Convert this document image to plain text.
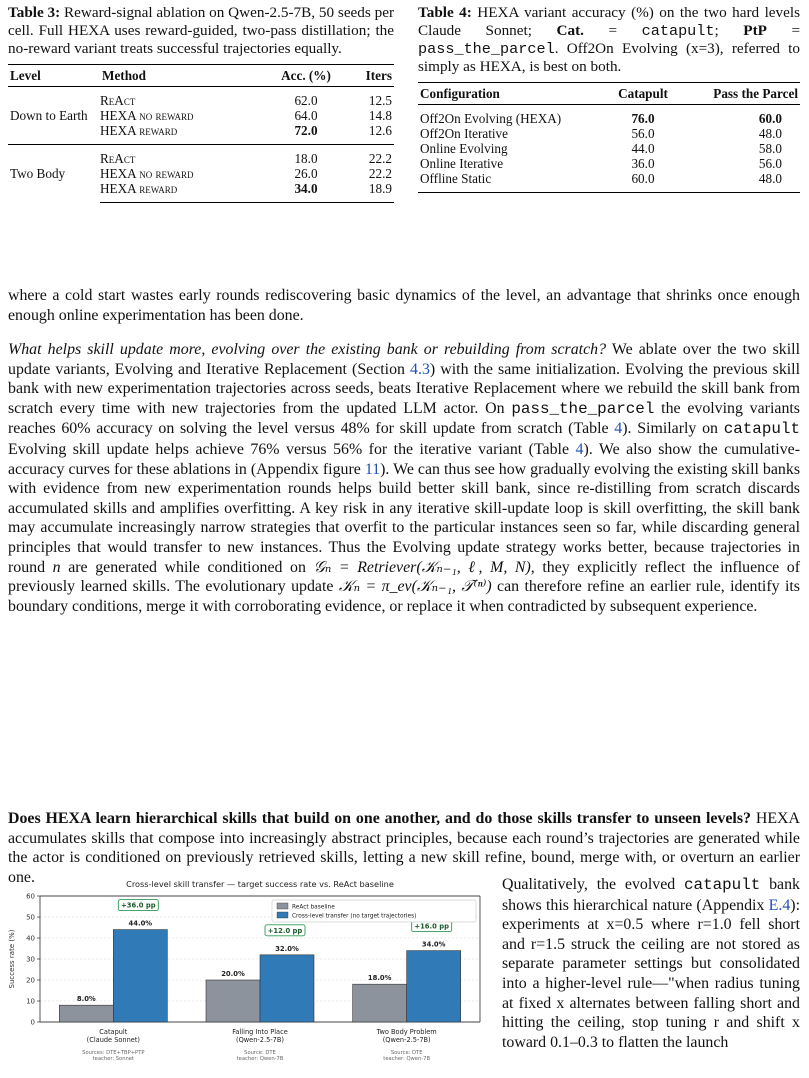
Table 3: Reward-signal ablation on Qwen-2.5-7B, 50 seeds per cell. Full HEXA uses reward-guided, two-pass distillation; the no-reward variant treats successful trajectories equally.

Level	Method	Acc. (%)	Iters
Down to Earth	ReAct	62.0	12.5
	HEXA no reward	64.0	14.8
	HEXA reward	72.0	12.6
Two Body	ReAct	18.0	22.2
	HEXA no reward	26.0	22.2
	HEXA reward	34.0	18.9

Table 4: HEXA variant accuracy (%) on the two hard levels Claude Sonnet; Cat. = catapult; PtP = pass_the_parcel. Off2On Evolving (x=3), referred to simply as HEXA, is best on both.

Configuration	Catapult	Pass the Parcel
Off2On Evolving (HEXA)	76.0	60.0
Off2On Iterative	56.0	48.0
Online Evolving	44.0	58.0
Online Iterative	36.0	56.0
Offline Static	60.0	48.0

where a cold start wastes early rounds rediscovering basic dynamics of the level, an advantage that shrinks once enough enough online experimentation has been done.

What helps skill update more, evolving over the existing bank or rebuilding from scratch? We ablate over the two skill update variants, Evolving and Iterative Replacement (Section 4.3) with the same initialization. Evolving the previous skill bank with new experimentation trajectories across seeds, beats Iterative Replacement where we rebuild the skill bank from scratch every time with new trajectories from the updated LLM actor. On pass_the_parcel the evolving variants reaches 60% accuracy on solving the level versus 48% for skill update from scratch (Table 4). Similarly on catapult Evolving skill update helps achieve 76% versus 56% for the iterative variant (Table 4). We also show the cumulative-accuracy curves for these ablations in (Appendix figure 11). We can thus see how gradually evolving the existing skill banks with evidence from new experimentation rounds helps build better skill bank, since re-distilling from scratch discards accumulated skills and amplifies overfitting. A key risk in any iterative skill-update loop is skill overfitting, the skill bank may accumulate increasingly narrow strategies that overfit to the particular instances seen so far, while discarding general principles that would transfer to new instances. Thus the Evolving update strategy works better, because trajectories in round n are generated while conditioned on 𝒢ₙ = Retriever(𝒦ₙ₋₁, ℓ, M, N), they explicitly reflect the influence of previously learned skills. The evolutionary update 𝒦ₙ = π_ev(𝒦ₙ₋₁, 𝒯⁽ⁿ⁾) can therefore refine an earlier rule, identify its boundary conditions, merge it with corroborating evidence, or replace it when contradicted by subsequent experience.

Does HEXA learn hierarchical skills that build on one another, and do those skills transfer to unseen levels? HEXA accumulates skills that compose into increasingly abstract principles, because each round’s trajectories are generated while the actor is conditioned on previously retrieved skills, letting a new skill refine, bound, merge with, or overturn an earlier one.	Cross-level skill transfer — target success rate vs. ReAct baseline
0
10
20
30
40
50
60
Success rate (%)
8.0%
44.0%
+36.0 pp
Catapult
(Claude Sonnet)
Sources: DTE+TBP+PTP
teacher: Sonnet
20.0%
32.0%
+12.0 pp
Falling Into Place
(Qwen-2.5-7B)
Source: DTE
teacher: Qwen-7B
18.0%
34.0%
+16.0 pp
Two Body Problem
(Qwen-2.5-7B)
Source: DTE
teacher: Qwen-7B
ReAct baseline
Cross-level transfer (no target trajectories)

Qualitatively, the evolved catapult bank shows this hierarchical nature (Appendix E.4): experiments at x=0.5 where r=1.0 fell short and r=1.5 struck the ceiling are not stored as separate parameter settings but consolidated into a higher-level rule—"when radius tuning at fixed x alternates between falling short and hitting the ceiling, stop tuning r and shift x toward 0.1–0.3 to flatten the launch
